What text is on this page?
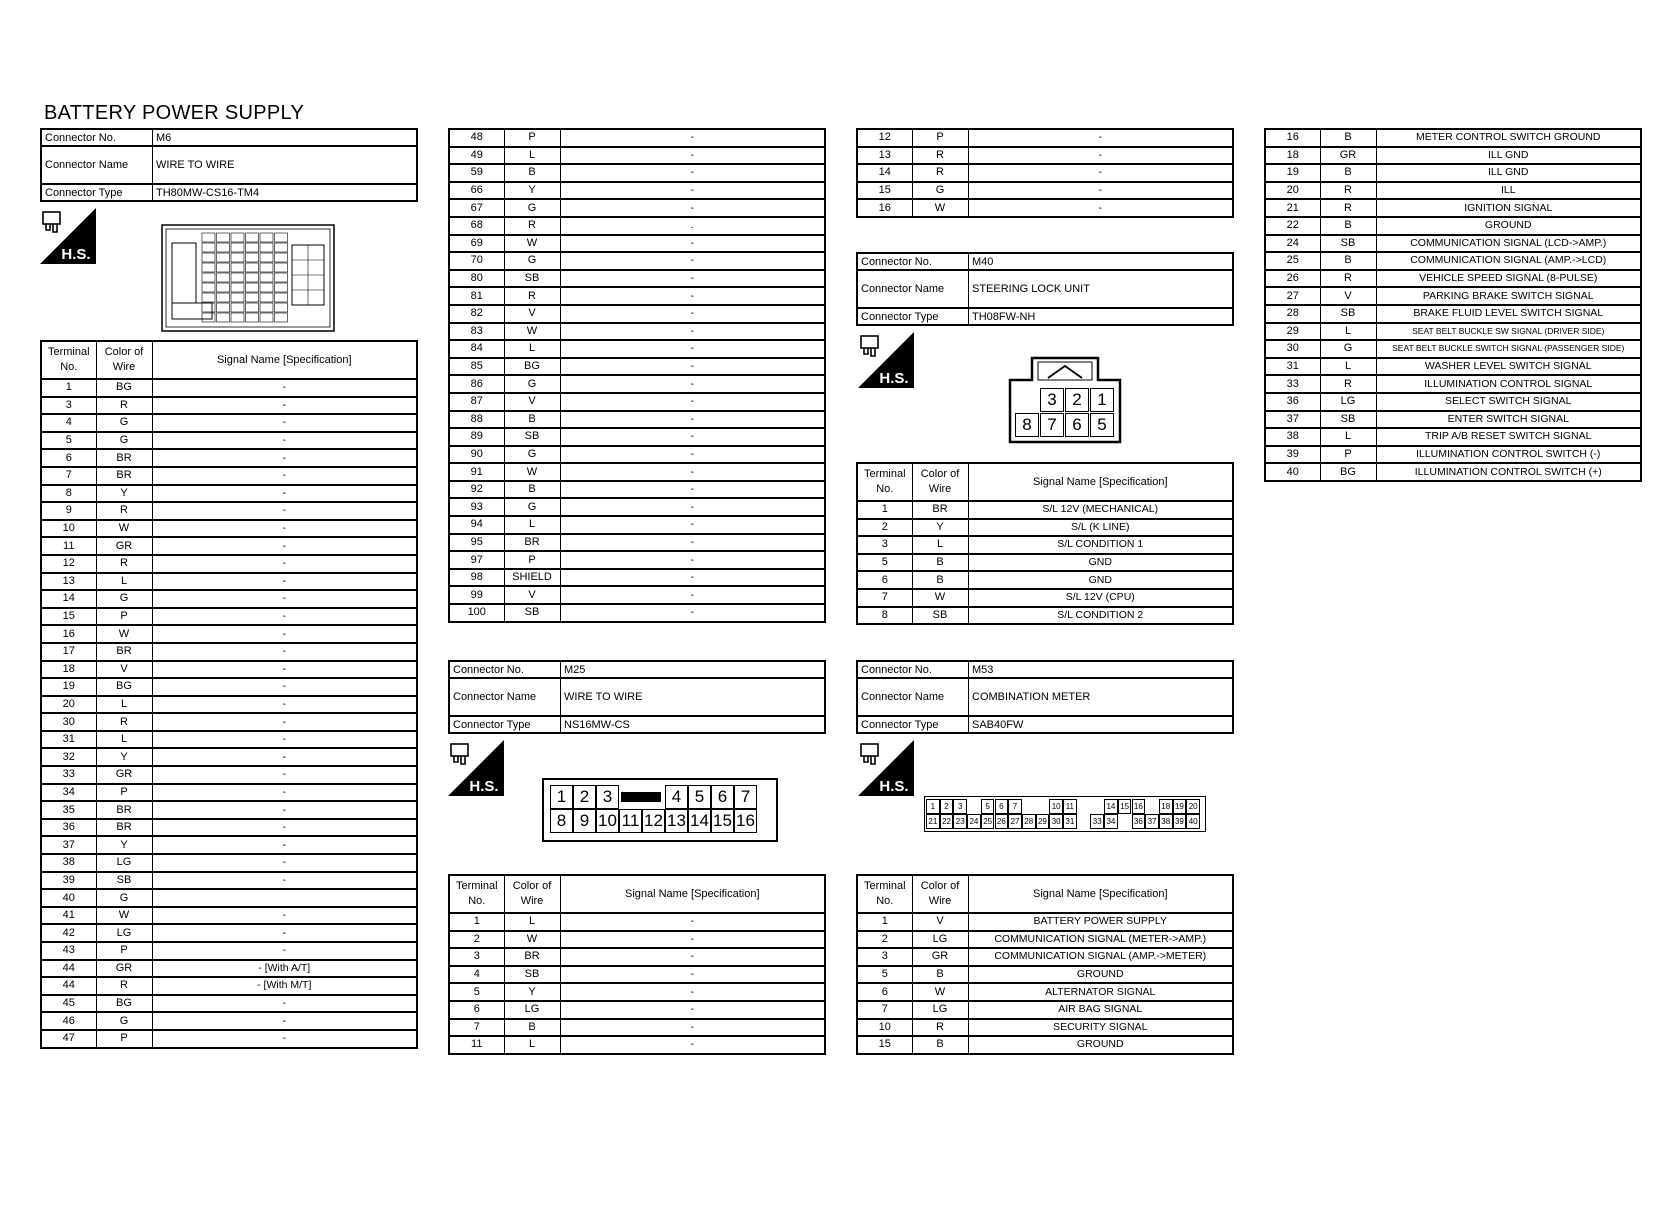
BATTERY POWER SUPPLY
Connector No.	M6
Connector Name	WIRE TO WIRE
Connector Type	TH80MW-CS16-TM4
H.S.
Terminal No.	Color of Wire	Signal Name [Specification]
1	BG	-
3	R	-
4	G	-
5	G	-
6	BR	-
7	BR	-
8	Y	-
9	R	-
10	W	-
11	GR	-
12	R	-
13	L	-
14	G	-
15	P	-
16	W	-
17	BR	-
18	V	-
19	BG	-
20	L	-
30	R	-
31	L	-
32	Y	-
33	GR	-
34	P	-
35	BR	-
36	BR	-
37	Y	-
38	LG	-
39	SB	-
40	G	
41	W	-
42	LG	-
43	P	-
44	GR	- [With A/T]
44	R	- [With M/T]
45	BG	-
46	G	-
47	P	-
48	P	-
49	L	-
59	B	-
66	Y	-
67	G	-
68	R	.
69	W	-
70	G	-
80	SB	-
81	R	-
82	V	-
83	W	-
84	L	-
85	BG	-
86	G	-
87	V	-
88	B	-
89	SB	-
90	G	-
91	W	-
92	B	-
93	G	-
94	L	-
95	BR	-
97	P	-
98	SHIELD	-
99	V	-
100	SB	-
Connector No.	M25
Connector Name	WIRE TO WIRE
Connector Type	NS16MW-CS
H.S.
1 2 3	4 5 6 7
8 9 10 11 12 13 14 15 16
Terminal No.	Color of Wire	Signal Name [Specification]
1	L	-
2	W	-
3	BR	-
4	SB	-
5	Y	-
6	LG	-
7	B	-
11	L	-
12	P	-
13	R	-
14	R	-
15	G	-
16	W	-
Connector No.	M40
Connector Name	STEERING LOCK UNIT
Connector Type	TH08FW-NH
H.S.
3 2 1
8 7 6 5
Terminal No.	Color of Wire	Signal Name [Specification]
1	BR	S/L 12V (MECHANICAL)
2	Y	S/L (K LINE)
3	L	S/L CONDITION 1
5	B	GND
6	B	GND
7	W	S/L 12V (CPU)
8	SB	S/L CONDITION 2
Connector No.	M53
Connector Name	COMBINATION METER
Connector Type	SAB40FW
H.S.
1	2	3	5	6	7	10 11	14 15 16 18 19 20
21 22 23 24 25 26 27 28 29 30 31 33 34 36 37 38 39 40
Terminal No.	Color of Wire	Signal Name [Specification]
1	V	BATTERY POWER SUPPLY
2	LG	COMMUNICATION SIGNAL (METER->AMP.)
3	GR	COMMUNICATION SIGNAL (AMP.->METER)
5	B	GROUND
6	W	ALTERNATOR SIGNAL
7	LG	AIR BAG SIGNAL
10	R	SECURITY SIGNAL
15	B	GROUND
16	B	METER CONTROL SWITCH GROUND
18	GR	ILL GND
19	B	ILL GND
20	R	ILL
21	R	IGNITION SIGNAL
22	B	GROUND
24	SB	COMMUNICATION SIGNAL (LCD->AMP.)
25	B	COMMUNICATION SIGNAL (AMP.->LCD)
26	R	VEHICLE SPEED SIGNAL (8-PULSE)
27	V	PARKING BRAKE SWITCH SIGNAL
28	SB	BRAKE FLUID LEVEL SWITCH SIGNAL
29	L	SEAT BELT BUCKLE SW SIGNAL (DRIVER SIDE)
30	G	SEAT BELT BUCKLE SWITCH SIGNAL (PASSENGER SIDE)
31	L	WASHER LEVEL SWITCH SIGNAL
33	R	ILLUMINATION CONTROL SIGNAL
36	LG	SELECT SWITCH SIGNAL
37	SB	ENTER SWITCH SIGNAL
38	L	TRIP A/B RESET SWITCH SIGNAL
39	P	ILLUMINATION CONTROL SWITCH (-)
40	BG	ILLUMINATION CONTROL SWITCH (+)
